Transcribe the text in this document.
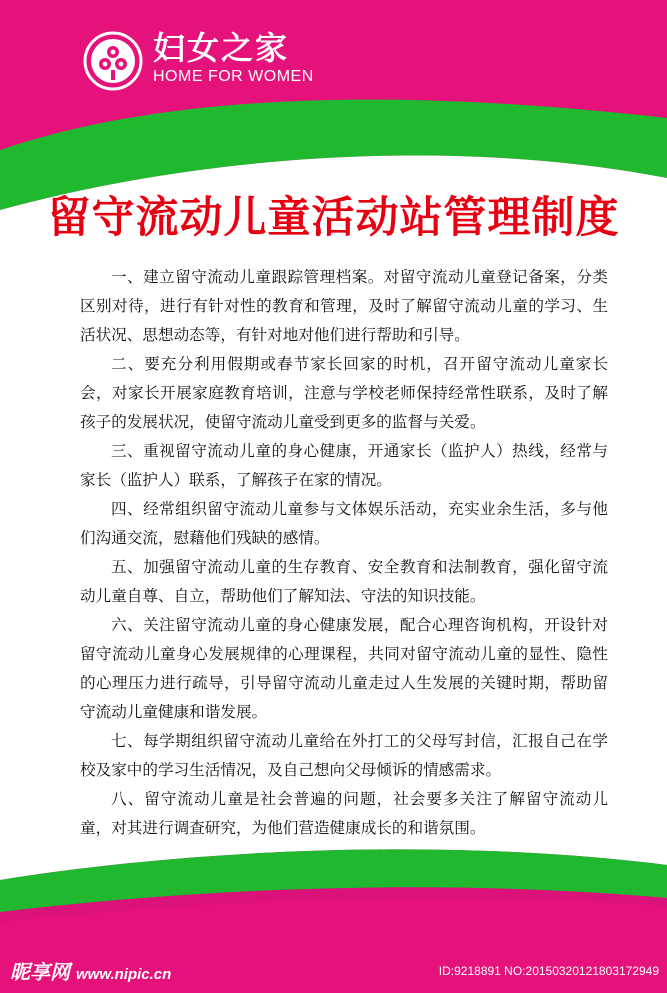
妇女之家
HOME FOR WOMEN
留守流动儿童活动站管理制度

一、建立留守流动儿童跟踪管理档案。对留守流动儿童登记备案，分类区别对待，进行有针对性的教育和管理，及时了解留守流动儿童的学习、生活状况、思想动态等，有针对地对他们进行帮助和引导。

二、要充分利用假期或春节家长回家的时机，召开留守流动儿童家长会，对家长开展家庭教育培训，注意与学校老师保持经常性联系，及时了解孩子的发展状况，使留守流动儿童受到更多的监督与关爱。

三、重视留守流动儿童的身心健康，开通家长（监护人）热线，经常与家长（监护人）联系，了解孩子在家的情况。

四、经常组织留守流动儿童参与文体娱乐活动，充实业余生活，多与他们沟通交流，慰藉他们残缺的感情。

五、加强留守流动儿童的生存教育、安全教育和法制教育，强化留守流动儿童自尊、自立，帮助他们了解知法、守法的知识技能。

六、关注留守流动儿童的身心健康发展，配合心理咨询机构，开设针对留守流动儿童身心发展规律的心理课程，共同对留守流动儿童的显性、隐性的心理压力进行疏导，引导留守流动儿童走过人生发展的关键时期，帮助留守流动儿童健康和谐发展。

七、每学期组织留守流动儿童给在外打工的父母写封信，汇报自己在学校及家中的学习生活情况，及自己想向父母倾诉的情感需求。

八、留守流动儿童是社会普遍的问题，社会要多关注了解留守流动儿童，对其进行调查研究，为他们营造健康成长的和谐氛围。

昵享网 www.nipic.cn	ID:9218891 NO:20150320121803172949
